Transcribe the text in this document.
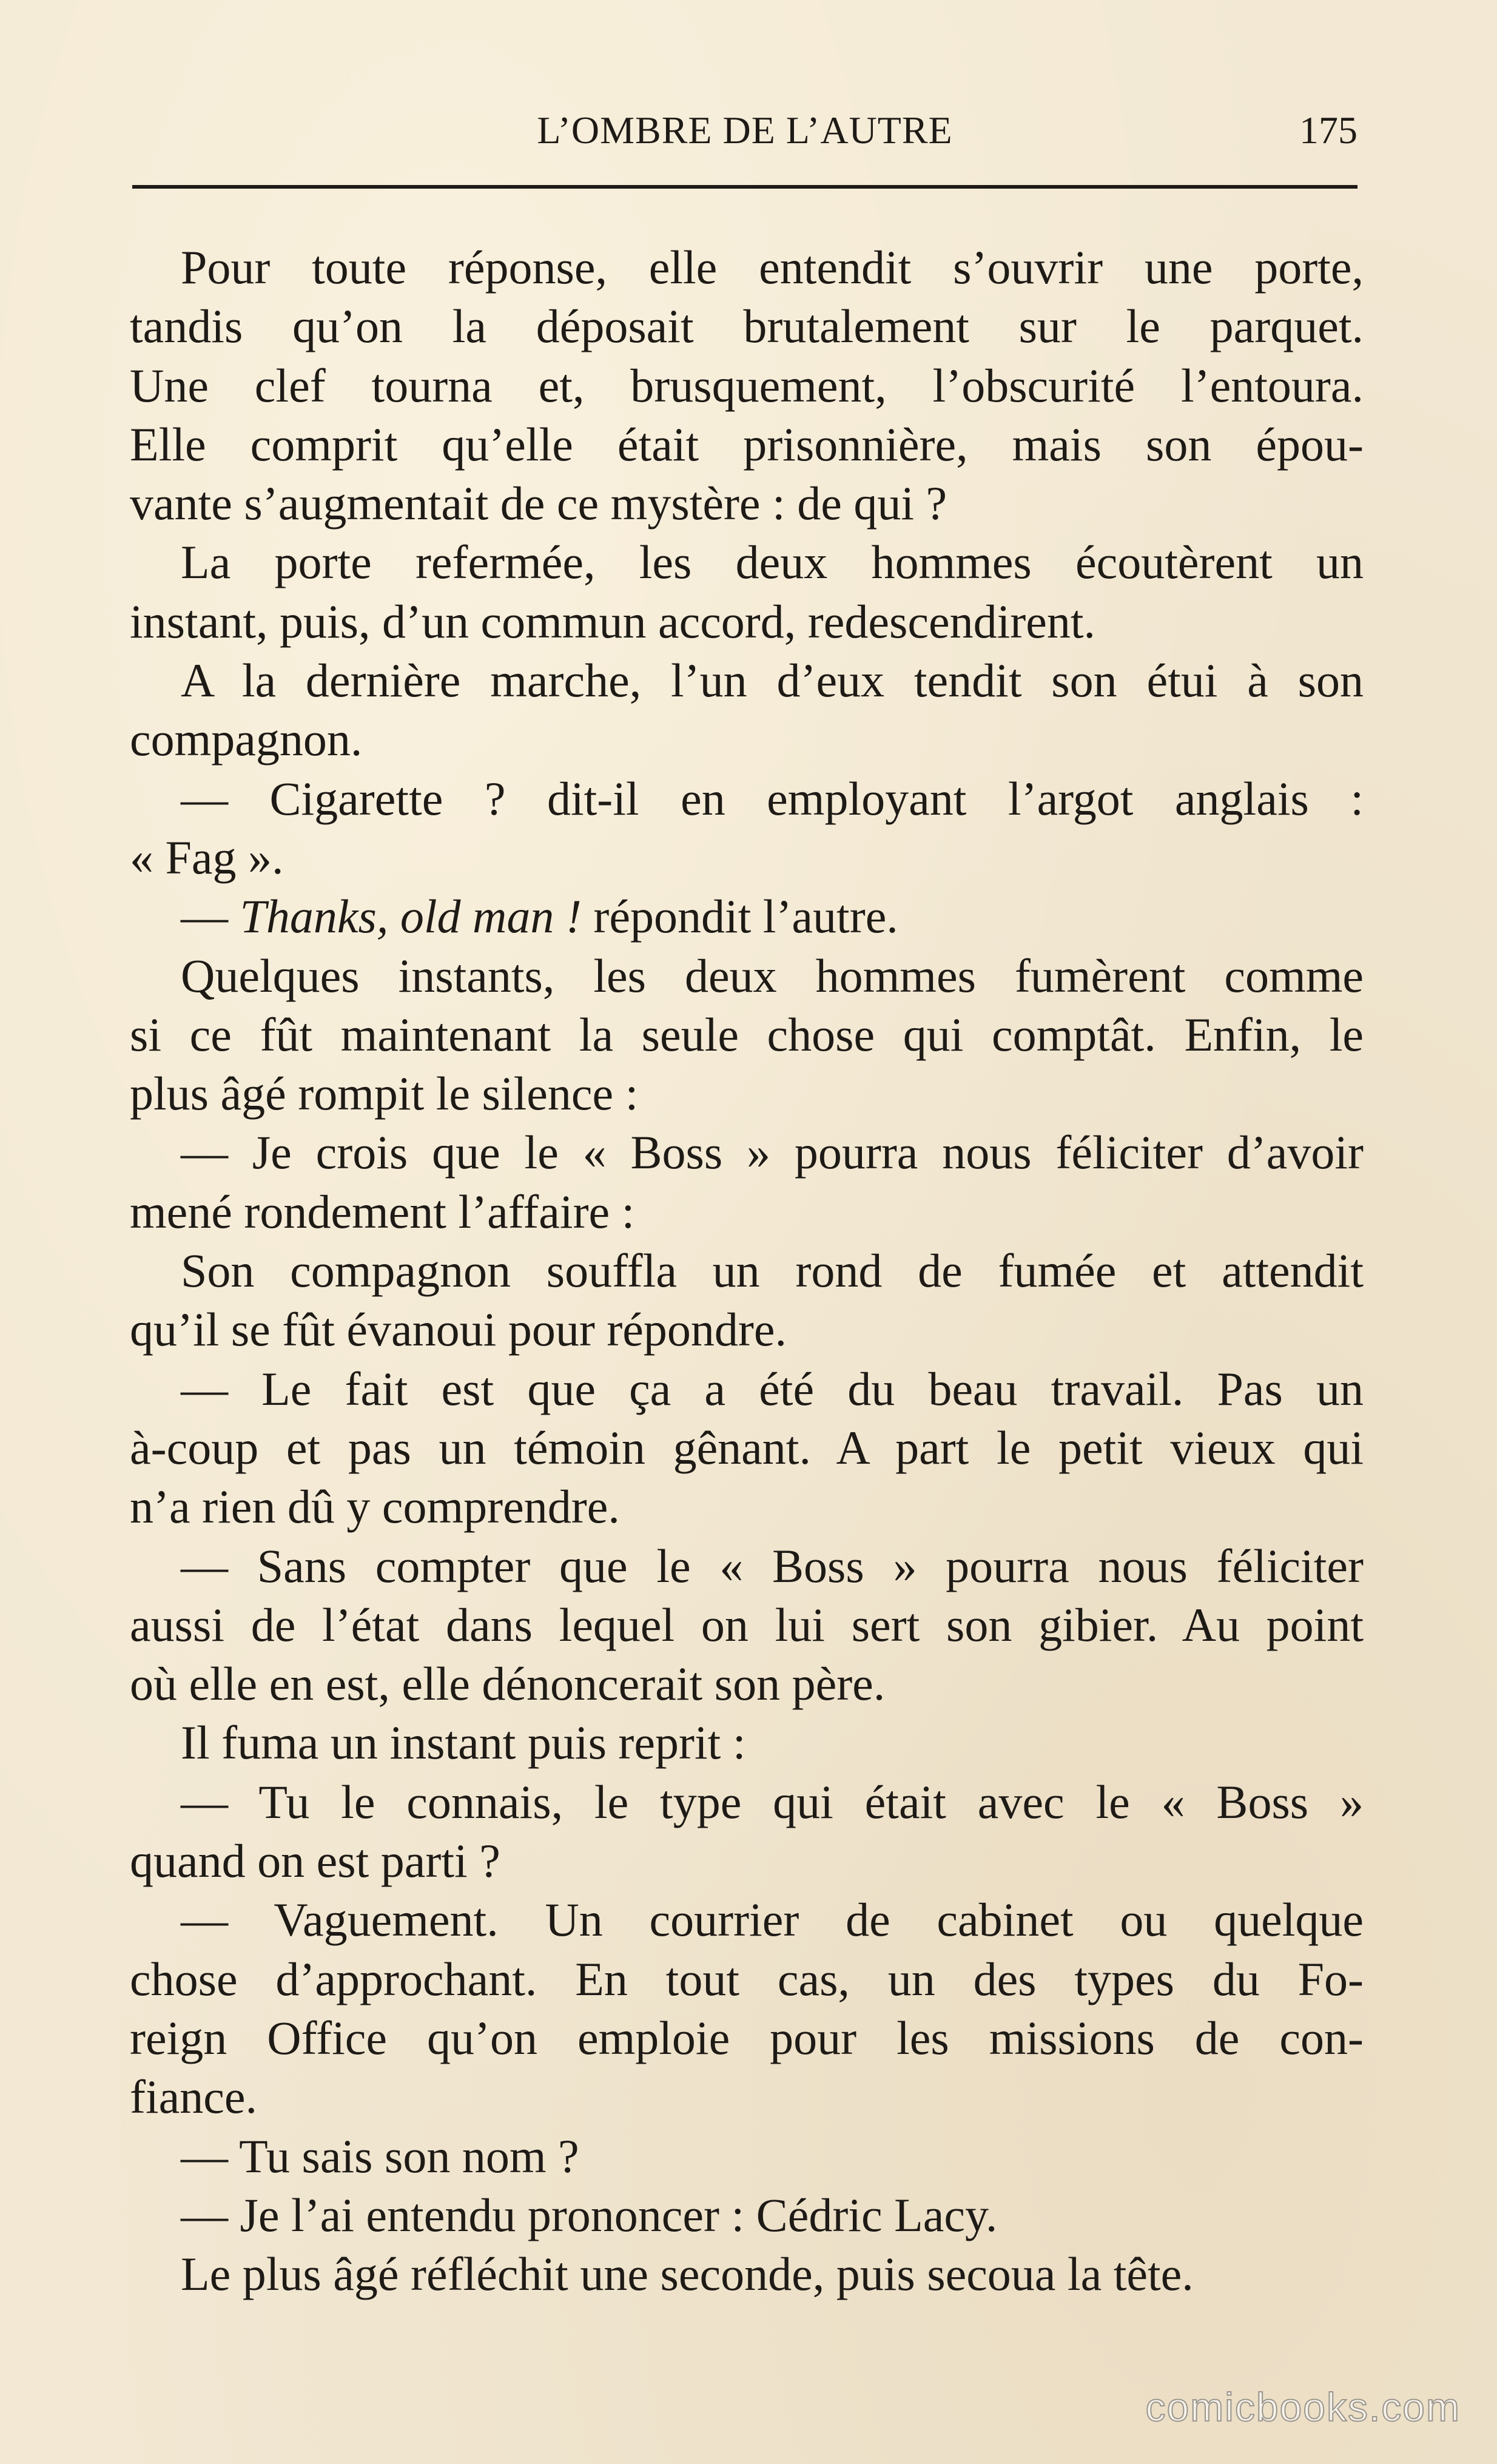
L’OMBRE DE L’AUTRE	175
Pour toute réponse, elle entendit s’ouvrir une porte,
tandis qu’on la déposait brutalement sur le parquet.
Une clef tourna et, brusquement, l’obscurité l’entoura.
Elle comprit qu’elle était prisonnière, mais son épou-
vante s’augmentait de ce mystère : de qui ?
La porte refermée, les deux hommes écoutèrent un
instant, puis, d’un commun accord, redescendirent.
A la dernière marche, l’un d’eux tendit son étui à son
compagnon.
— Cigarette ? dit-il en employant l’argot anglais :
« Fag ».
— Thanks, old man ! répondit l’autre.
Quelques instants, les deux hommes fumèrent comme
si ce fût maintenant la seule chose qui comptât. Enfin, le
plus âgé rompit le silence :
— Je crois que le « Boss » pourra nous féliciter d’avoir
mené rondement l’affaire :
Son compagnon souffla un rond de fumée et attendit
qu’il se fût évanoui pour répondre.
— Le fait est que ça a été du beau travail. Pas un
à-coup et pas un témoin gênant. A part le petit vieux qui
n’a rien dû y comprendre.
— Sans compter que le « Boss » pourra nous féliciter
aussi de l’état dans lequel on lui sert son gibier. Au point
où elle en est, elle dénoncerait son père.
Il fuma un instant puis reprit :
— Tu le connais, le type qui était avec le « Boss »
quand on est parti ?
— Vaguement. Un courrier de cabinet ou quelque
chose d’approchant. En tout cas, un des types du Fo-
reign Office qu’on emploie pour les missions de con-
fiance.
— Tu sais son nom ?
— Je l’ai entendu prononcer : Cédric Lacy.
Le plus âgé réfléchit une seconde, puis secoua la tête.
comicbooks.com
